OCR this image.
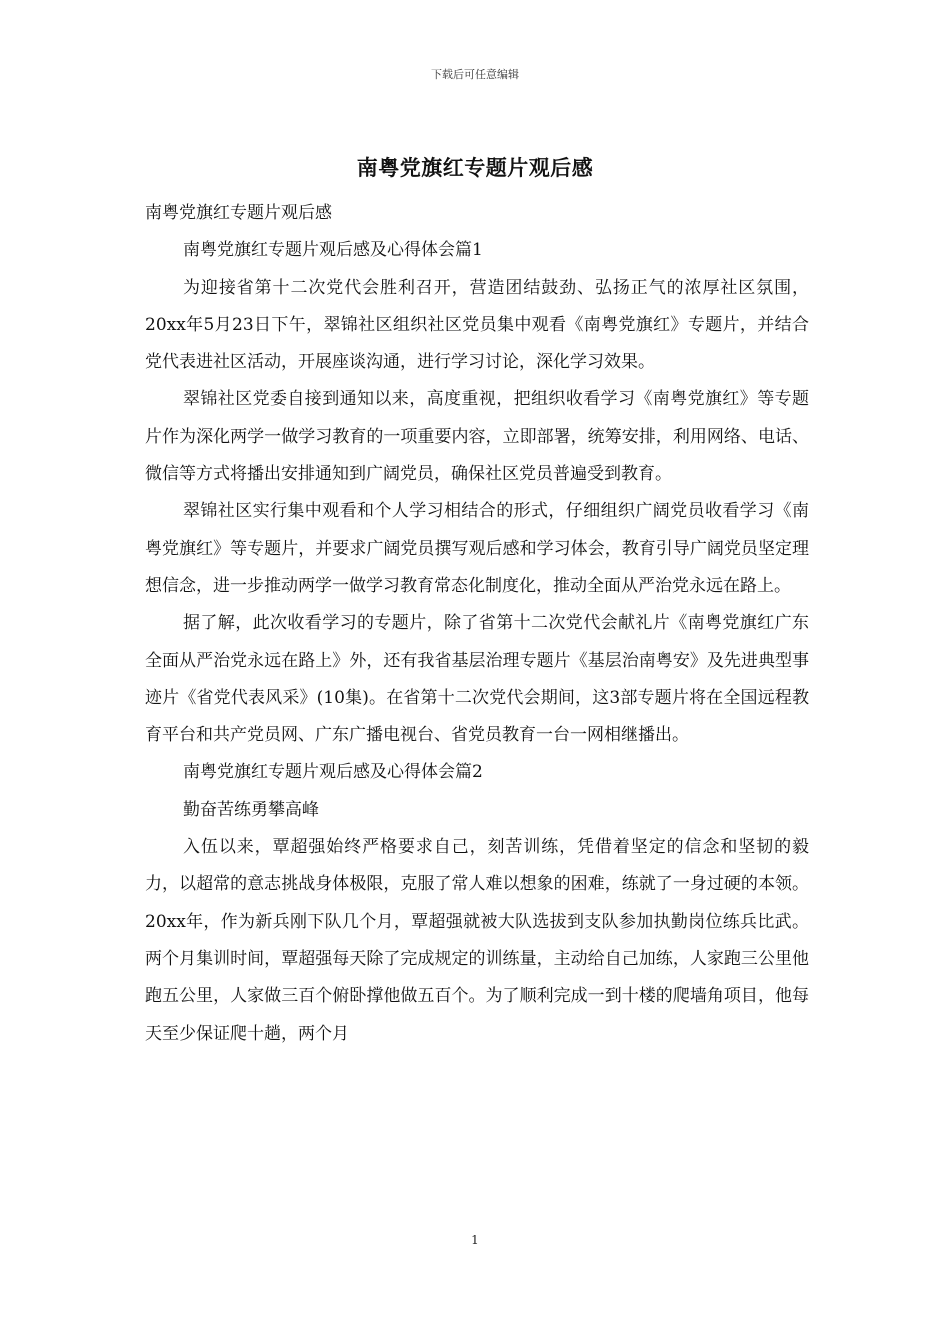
下载后可任意编辑
南粤党旗红专题片观后感

南粤党旗红专题片观后感

南粤党旗红专题片观后感及心得体会篇1

为迎接省第十二次党代会胜利召开，营造团结鼓劲、弘扬正气的浓厚社区氛围，20xx年5月23日下午，翠锦社区组织社区党员集中观看《南粤党旗红》专题片，并结合党代表进社区活动，开展座谈沟通，进行学习讨论，深化学习效果。

翠锦社区党委自接到通知以来，高度重视，把组织收看学习《南粤党旗红》等专题片作为深化两学一做学习教育的一项重要内容，立即部署，统筹安排，利用网络、电话、微信等方式将播出安排通知到广阔党员，确保社区党员普遍受到教育。

翠锦社区实行集中观看和个人学习相结合的形式，仔细组织广阔党员收看学习《南粤党旗红》等专题片，并要求广阔党员撰写观后感和学习体会，教育引导广阔党员坚定理想信念，进一步推动两学一做学习教育常态化制度化，推动全面从严治党永远在路上。

据了解，此次收看学习的专题片，除了省第十二次党代会献礼片《南粤党旗红广东全面从严治党永远在路上》外，还有我省基层治理专题片《基层治南粤安》及先进典型事迹片《省党代表风采》(10集)。在省第十二次党代会期间，这3部专题片将在全国远程教育平台和共产党员网、广东广播电视台、省党员教育一台一网相继播出。

南粤党旗红专题片观后感及心得体会篇2

勤奋苦练勇攀高峰

入伍以来，覃超强始终严格要求自己，刻苦训练，凭借着坚定的信念和坚韧的毅力，以超常的意志挑战身体极限，克服了常人难以想象的困难，练就了一身过硬的本领。20xx年，作为新兵刚下队几个月，覃超强就被大队选拔到支队参加执勤岗位练兵比武。两个月集训时间，覃超强每天除了完成规定的训练量，主动给自己加练，人家跑三公里他跑五公里，人家做三百个俯卧撑他做五百个。为了顺利完成一到十楼的爬墙角项目，他每天至少保证爬十趟，两个月

1
